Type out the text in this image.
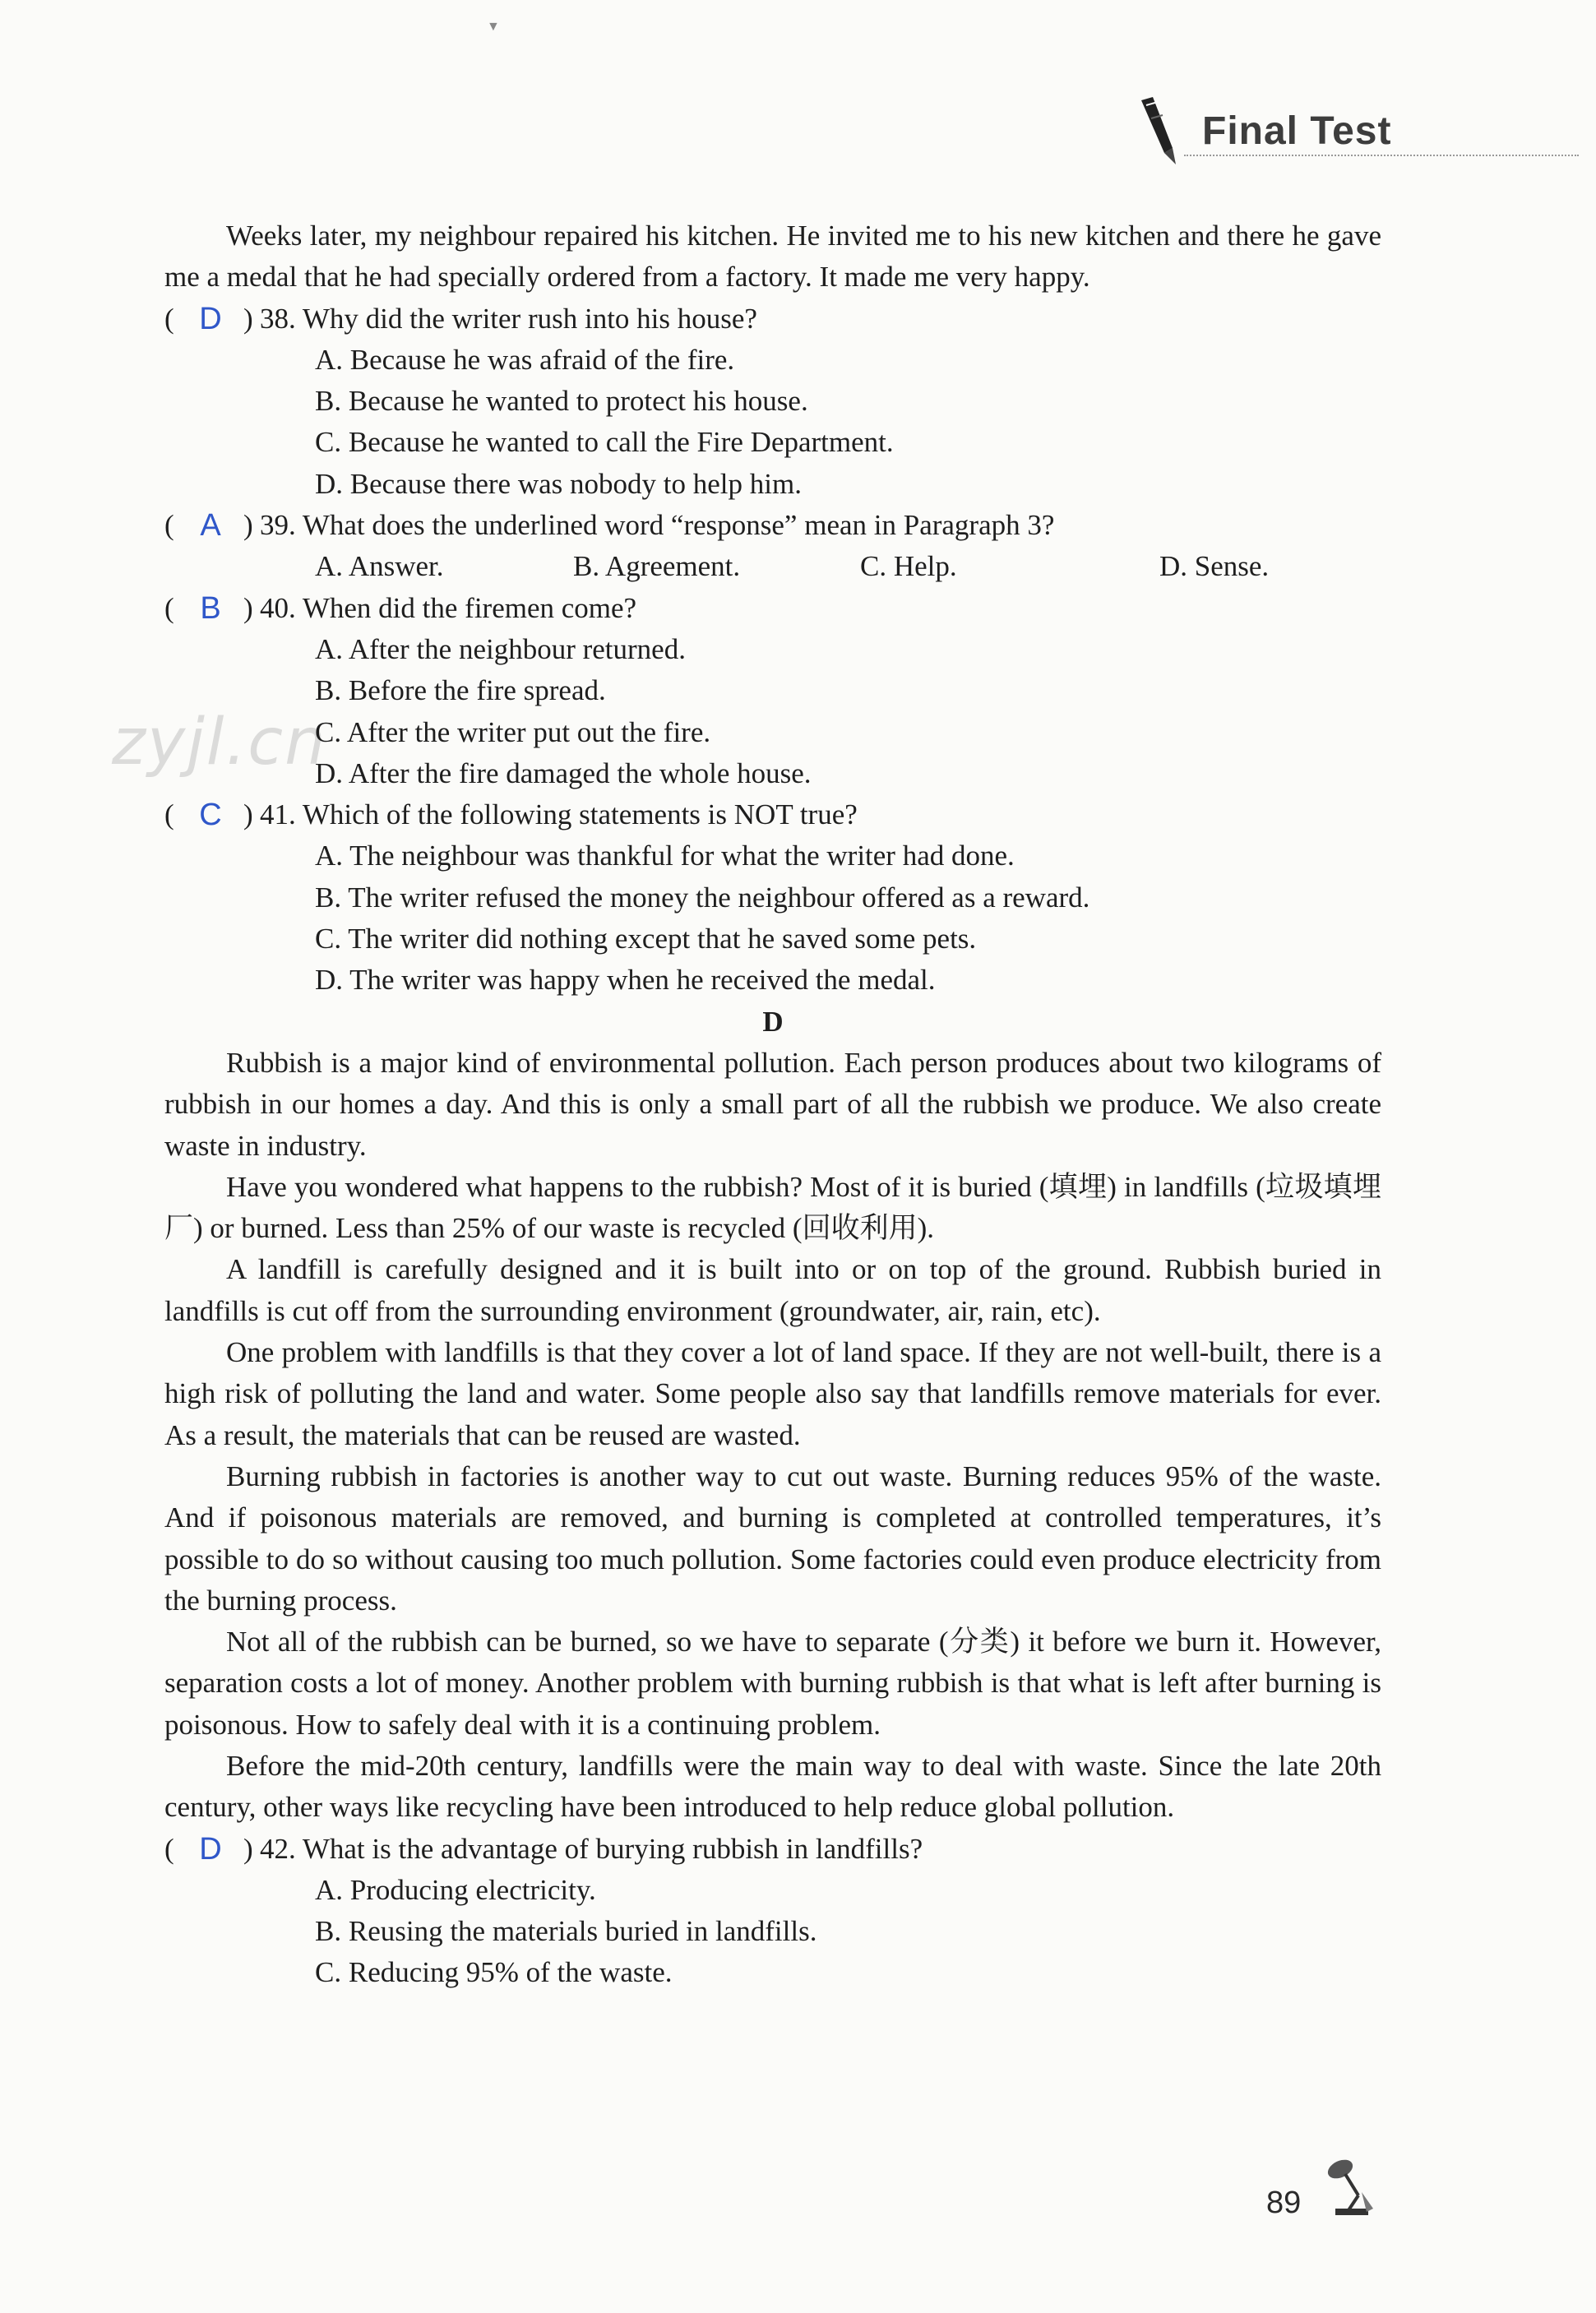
▼
Final Test
zyjl.cn

Weeks later, my neighbour repaired his kitchen. He invited me to his new kitchen and there he gave me a medal that he had specially ordered from a factory. It made me very happy.

( D ) 38. Why did the writer rush into his house?
A. Because he was afraid of the fire.
B. Because he wanted to protect his house.
C. Because he wanted to call the Fire Department.
D. Because there was nobody to help him.
( A ) 39. What does the underlined word “response” mean in Paragraph 3?
A. Answer.	B. Agreement.	C. Help.	D. Sense.
( B ) 40. When did the firemen come?
A. After the neighbour returned.
B. Before the fire spread.
C. After the writer put out the fire.
D. After the fire damaged the whole house.
( C ) 41. Which of the following statements is NOT true?
A. The neighbour was thankful for what the writer had done.
B. The writer refused the money the neighbour offered as a reward.
C. The writer did nothing except that he saved some pets.
D. The writer was happy when he received the medal.
D

Rubbish is a major kind of environmental pollution. Each person produces about two kilograms of rubbish in our homes a day. And this is only a small part of all the rubbish we produce. We also create waste in industry.

Have you wondered what happens to the rubbish? Most of it is buried (填埋) in landfills (垃圾填埋厂) or burned. Less than 25% of our waste is recycled (回收利用).

A landfill is carefully designed and it is built into or on top of the ground. Rubbish buried in landfills is cut off from the surrounding environment (groundwater, air, rain, etc).

One problem with landfills is that they cover a lot of land space. If they are not well-built, there is a high risk of polluting the land and water. Some people also say that landfills remove materials for ever. As a result, the materials that can be reused are wasted.

Burning rubbish in factories is another way to cut out waste. Burning reduces 95% of the waste. And if poisonous materials are removed, and burning is completed at controlled temperatures, it’s possible to do so without causing too much pollution. Some factories could even produce electricity from the burning process.

Not all of the rubbish can be burned, so we have to separate (分类) it before we burn it. However, separation costs a lot of money. Another problem with burning rubbish is that what is left after burning is poisonous. How to safely deal with it is a continuing problem.

Before the mid-20th century, landfills were the main way to deal with waste. Since the late 20th century, other ways like recycling have been introduced to help reduce global pollution.

( D ) 42. What is the advantage of burying rubbish in landfills?
A. Producing electricity.
B. Reusing the materials buried in landfills.
C. Reducing 95% of the waste.
89
